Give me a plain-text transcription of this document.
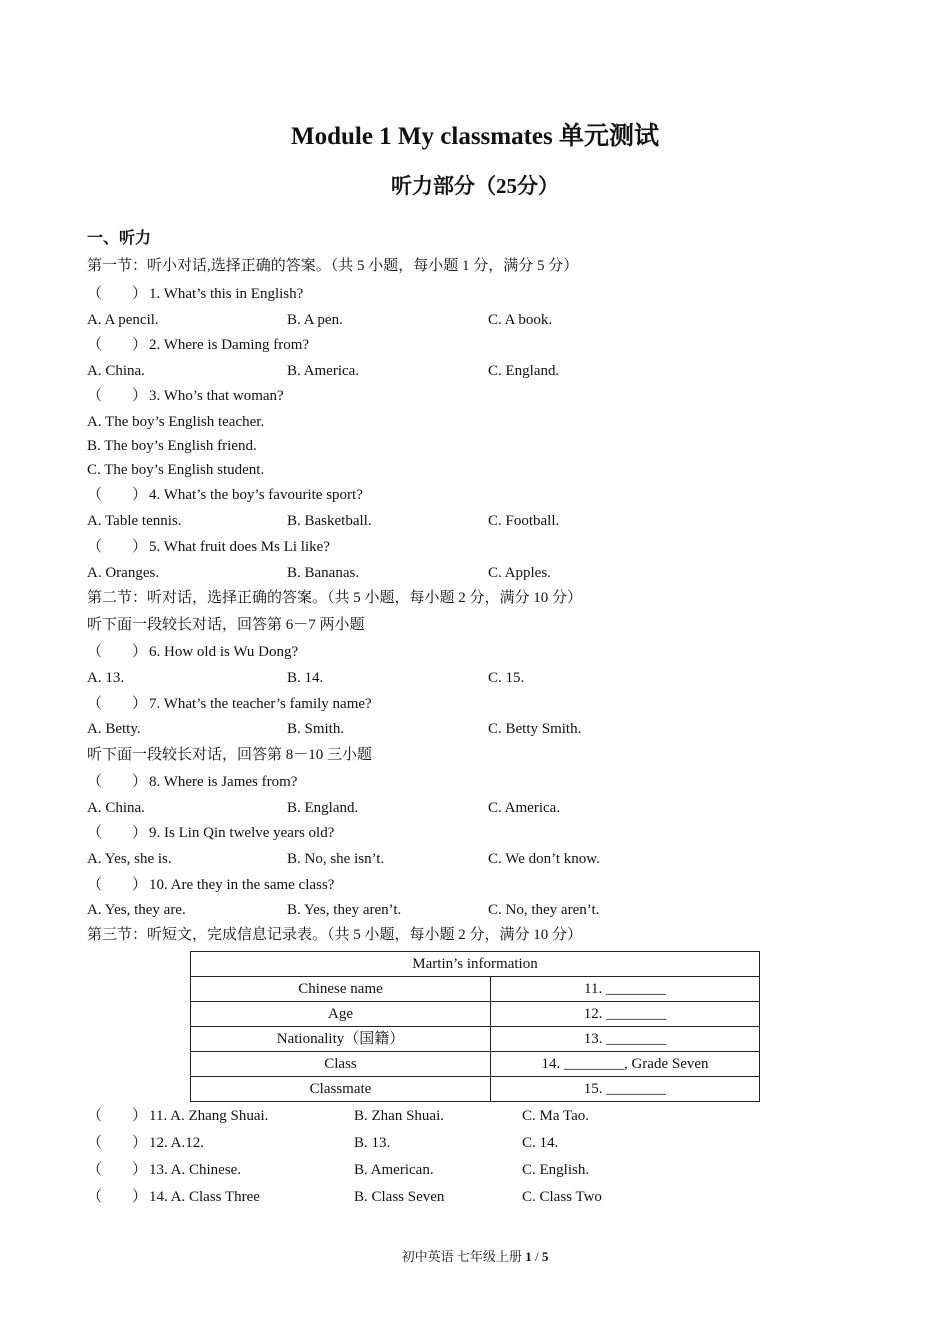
Module 1 My classmates 单元测试
听力部分（25分）
一、听力
第一节：听小对话,选择正确的答案。（共 5 小题，每小题 1 分，满分 5 分）
（　　） 1. What’s this in English?
A. A pencil.	B. A pen.	C. A book.
（　　） 2. Where is Daming from?
A. China.	B. America.	C. England.
（　　） 3. Who’s that woman?
A. The boy’s English teacher.
B. The boy’s English friend.
C. The boy’s English student.
（　　） 4. What’s the boy’s favourite sport?
A. Table tennis.	B. Basketball.	C. Football.
（　　） 5. What fruit does Ms Li like?
A. Oranges.	B. Bananas.	C. Apples.
第二节：听对话，选择正确的答案。（共 5 小题，每小题 2 分，满分 10 分）
听下面一段较长对话，回答第 6－7 两小题
（　　） 6. How old is Wu Dong?
A. 13.	B. 14.	C. 15.
（　　） 7. What’s the teacher’s family name?
A. Betty.	B. Smith.	C. Betty Smith.
听下面一段较长对话，回答第 8－10 三小题
（　　） 8. Where is James from?
A. China.	B. England.	C. America.
（　　） 9. Is Lin Qin twelve years old?
A. Yes, she is.	B. No, she isn’t.	C. We don’t know.
（　　） 10. Are they in the same class?
A. Yes, they are.	B. Yes, they aren’t.	C. No, they aren’t.
第三节：听短文，完成信息记录表。（共 5 小题，每小题 2 分，满分 10 分）
Martin’s information	
Chinese name	11. ________
Age	12. ________
Nationality（国籍）	13. ________
Class	14. ________, Grade Seven
Classmate	15. ________
（　　） 11. A. Zhang Shuai.	B. Zhan Shuai.	C. Ma Tao.
（　　） 12. A.12.	B. 13.	C. 14.
（　　） 13. A. Chinese.	B. American.	C. English.
（　　） 14. A. Class Three	B. Class Seven	C. Class Two
初中英语 七年级上册 1 / 5
